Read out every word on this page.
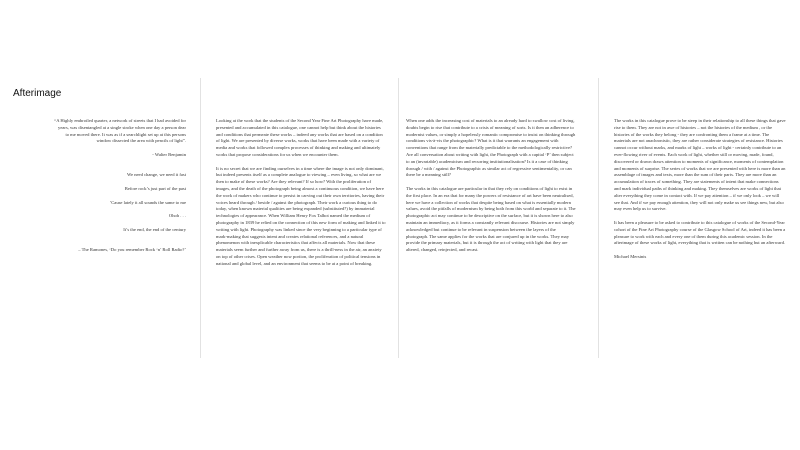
Afterimage

“A Highly embroiled quarter, a network of streets that I had avoided for years, was disentangled at a single stroke when one day a person dear to me moved there. It was as if a searchlight set up at this persons window dissected the area with pencils of light”.

- Walter Benjamin

We need change, we need it fast

Before rock’s just part of the past

’Cause lately it all sounds the same to me

Ohoh . . .

It’s the end, the end of the century

– The Ramones, ‘Do you remember Rock ‘n’ Roll Radio?’

Looking at the work that the students of the Second Year Fine Art Photography have made, presented and accumulated in this catalogue, one cannot help but think about the histories and conditions that permeate these works – indeed any works that are based on a condition of light. We are presented by diverse works, works that have been made with a variety of media and works that followed complex processes of thinking and making and ultimately works that propose considerations for us when we encounter them.

It is no secret that we are finding ourselves in a time where the image is not only dominant, but indeed presents itself as a complete analogue to viewing – even living, so what are we then to make of these works? Are they relevant? If so how? With the proliferation of images, and the death of the photograph being almost a continuous condition, we have here the work of makers who continue to persist in carving out their own territories, having their voices heard through / beside / against the photograph. Their work a curious thing to do today, when known material qualities are being expanded (substituted?) by immaterial technologies of appearance. When William Henry Fox Talbot named the medium of photography in 1839 he relied on the connection of this new form of making and linked it to writing with light. Photography was linked since the very beginning to a particular type of mark-making that suggests intent and creates relational references, and a natural phenomenon with inexplicable characteristics that affects all materials. Now that these materials seem further and further away from us, there is a thrill-ness in the air, an anxiety on top of other crises. Open weather now portion, the proliferation of political tensions in national and global level, and an environment that seems to be at a point of breaking.

When one adds the increasing cost of materials to an already hard to swallow cost of living, doubts begin to rise that contribute to a crisis of meaning of sorts. Is it then an adherence to modernist values, or simply a hopelessly romantic compromise to insist on thinking through conditions vis-à-vis the photographic? What is it that warrants an engagement with conventions that range from the materially predictable to the methodologically restrictive? Are all conversation about writing with light, the Photograph with a capital ‘P’ then subject to an (invariable) academicism and recurring institutionalisation? Is it a case of thinking through / with / against the Photographic as similar act of regressive sentimentality, or can there be a meaning still?

The works in this catalogue are particular in that they rely on conditions of light to exist in the first place. In an era that for many the powers of resistance of art have been neutralised, here we have a collection of works that despite being based on what is essentially modern values, avoid the pitfalls of modernism by being both from this world and separate to it. The photographic act may continue to be descriptive on the surface, but it is shown here to also maintain an immediacy, as it forms a constantly relevant discourse. Histories are not simply acknowledged but continue to be relevant in suspension between the layers of the photograph. The same applies for the works that are conjured up in the works. They may provide the primary materials, but it is through the act of writing with light that they are altered, changed, reinjected, and recast.

The works in this catalogue prove to be steep in their relationship to all these things that gave rise to them. They are not in awe of histories – not the histories of the medium , or the histories of the works they belong - they are confronting them a frame at a time. The materials are not anachronistic, they are rather considerate strategies of resistance. Histories cannot occur without marks, and marks of light – works of light - certainly contribute to an ever-flowing river of events. Each work of light, whether still or moving, made, found, discovered or drawn draws attention to moments of significance, moments of contemplation and moments of surprise. The series of works that we are presented with here is more than an assemblage of images and texts, more than the sum of their parts. They are more than an accumulation of traces of something. They are statements of intent that make connections and mark individual paths of thinking and making. They themselves are works of light that alter everything they come in contact with. If we pay attention – if we only look – we will see that. And if we pay enough attention, they will not only make us see things new, but also may even help us to survive.

It has been a pleasure to be asked to contribute to this catalogue of works of the Second-Year cohort of the Fine Art Photography course of the Glasgow School of Art, indeed it has been a pleasure to work with each and every one of them during this academic session. In the afterimage of these works of light, everything that is written can be nothing but an afterward.

Michael Mersinis
